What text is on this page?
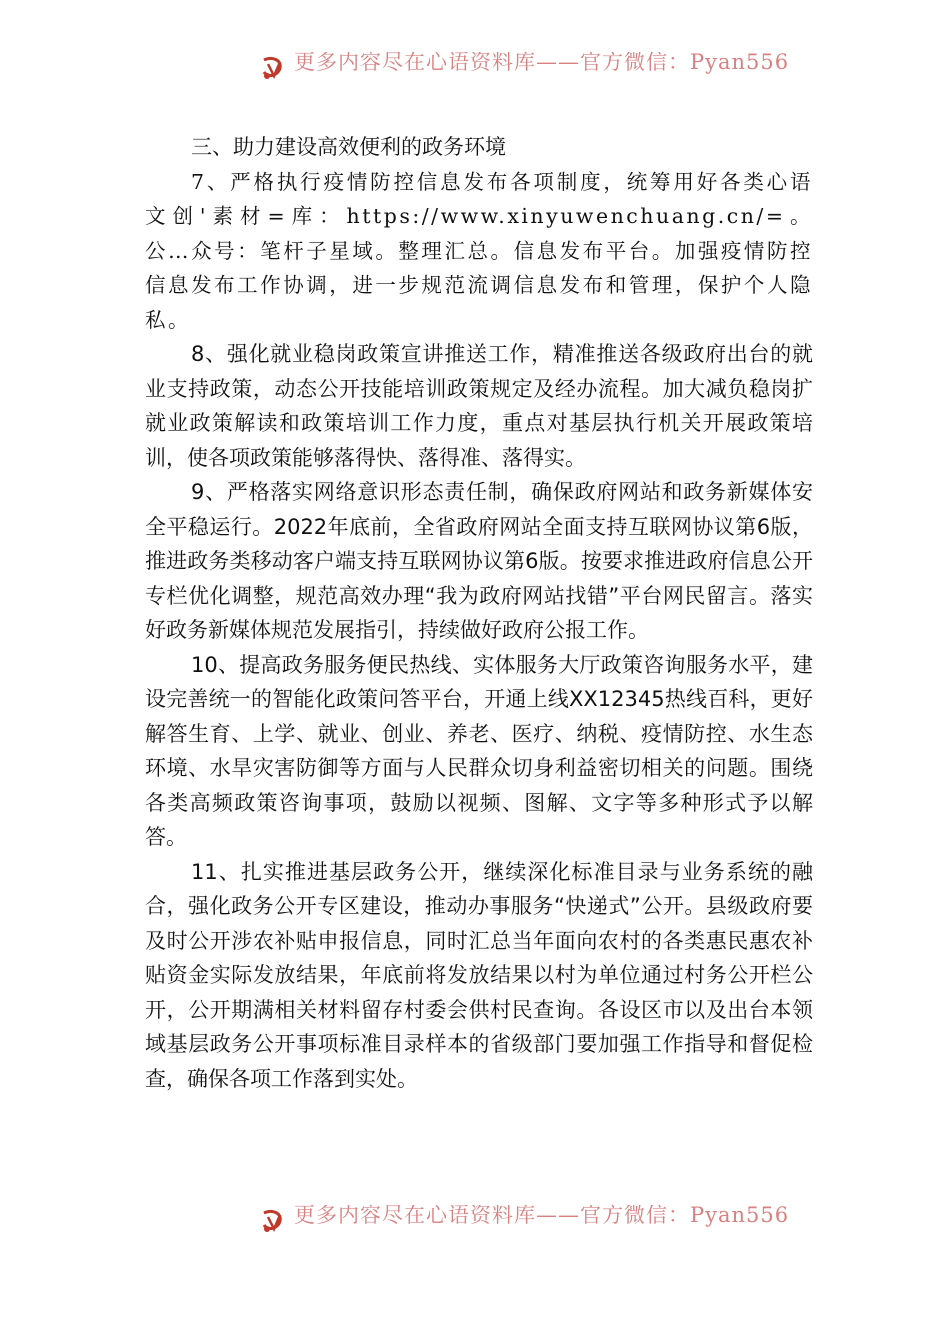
更多内容尽在心语资料库——官方微信：Pyan556

三、助力建设高效便利的政务环境

7、严格执行疫情防控信息发布各项制度，统筹用好各类心语文创'素材=库：https://www.xinyuwenchuang.cn/=。公…众号：笔杆子星域。整理汇总。信息发布平台。加强疫情防控信息发布工作协调，进一步规范流调信息发布和管理，保护个人隐私。

8、强化就业稳岗政策宣讲推送工作，精准推送各级政府出台的就业支持政策，动态公开技能培训政策规定及经办流程。加大减负稳岗扩就业政策解读和政策培训工作力度，重点对基层执行机关开展政策培训，使各项政策能够落得快、落得准、落得实。

9、严格落实网络意识形态责任制，确保政府网站和政务新媒体安全平稳运行。2022年底前，全省政府网站全面支持互联网协议第6版，推进政务类移动客户端支持互联网协议第6版。按要求推进政府信息公开专栏优化调整，规范高效办理“我为政府网站找错”平台网民留言。落实好政务新媒体规范发展指引，持续做好政府公报工作。

10、提高政务服务便民热线、实体服务大厅政策咨询服务水平，建设完善统一的智能化政策问答平台，开通上线XX12345热线百科，更好解答生育、上学、就业、创业、养老、医疗、纳税、疫情防控、水生态环境、水旱灾害防御等方面与人民群众切身利益密切相关的问题。围绕各类高频政策咨询事项，鼓励以视频、图解、文字等多种形式予以解答。

11、扎实推进基层政务公开，继续深化标准目录与业务系统的融合，强化政务公开专区建设，推动办事服务“快递式”公开。县级政府要及时公开涉农补贴申报信息，同时汇总当年面向农村的各类惠民惠农补贴资金实际发放结果，年底前将发放结果以村为单位通过村务公开栏公开，公开期满相关材料留存村委会供村民查询。各设区市以及出台本领域基层政务公开事项标准目录样本的省级部门要加强工作指导和督促检查，确保各项工作落到实处。

更多内容尽在心语资料库——官方微信：Pyan556
